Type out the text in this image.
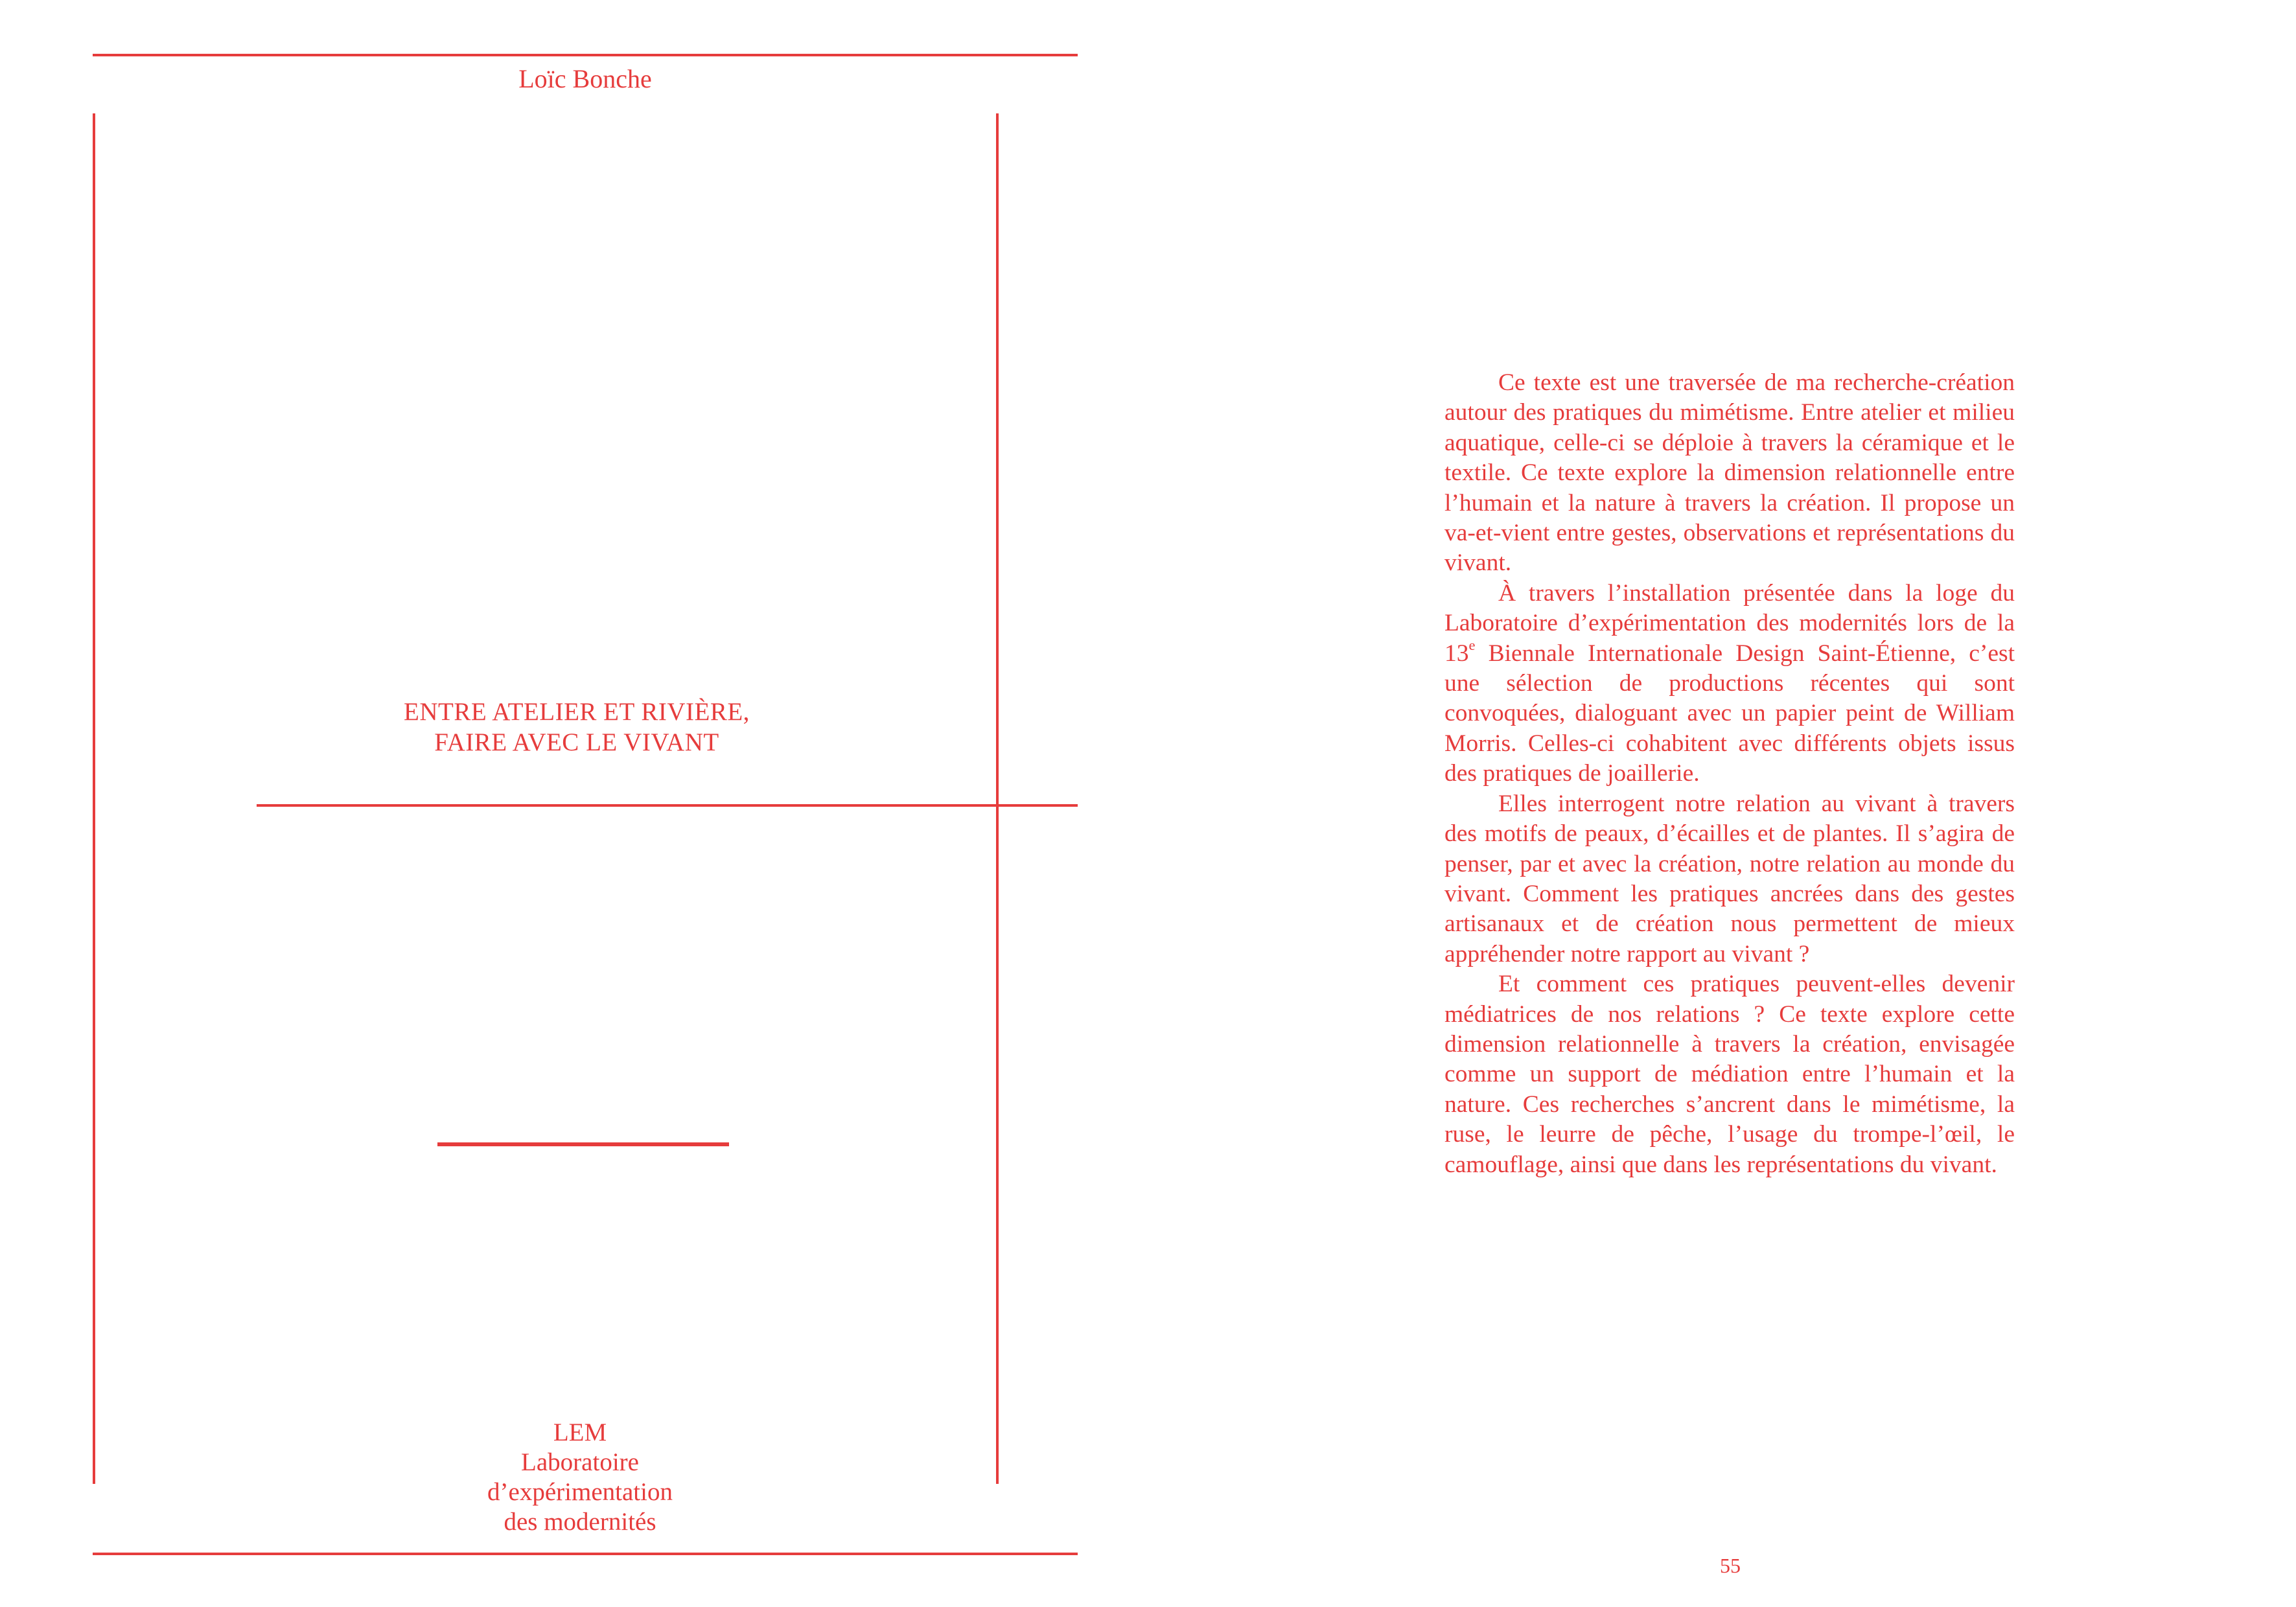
Loïc Bonche
ENTRE ATELIER ET RIVIÈRE,
FAIRE AVEC LE VIVANT
LEM
Laboratoire
d’expérimentation
des modernités

Ce texte est une traversée de ma recherche-création autour des pratiques du mimétisme. Entre atelier et milieu aquatique, celle-ci se déploie à travers la céramique et le textile. Ce texte explore la dimension relationnelle entre l’humain et la nature à travers la création. Il propose un va-et-vient entre gestes, observations et représentations du vivant.

À travers l’installation présentée dans la loge du Laboratoire d’expérimentation des modernités lors de la 13e Biennale Internationale Design Saint-Étienne, c’est une sélection de productions récentes qui sont convoquées, dialoguant avec un papier peint de William Morris. Celles-ci cohabitent avec différents objets issus des pratiques de joaillerie.

Elles interrogent notre relation au vivant à travers des motifs de peaux, d’écailles et de plantes. Il s’agira de penser, par et avec la création, notre relation au monde du vivant. Comment les pratiques ancrées dans des gestes artisanaux et de création nous permettent de mieux appréhender notre rapport au vivant ?

Et comment ces pratiques peuvent-elles devenir médiatrices de nos relations ? Ce texte explore cette dimension relationnelle à travers la création, envisagée comme un support de médiation entre l’humain et la nature. Ces recherches s’ancrent dans le mimétisme, la ruse, le leurre de pêche, l’usage du trompe-l’œil, le camouflage, ainsi que dans les représentations du vivant.

55
